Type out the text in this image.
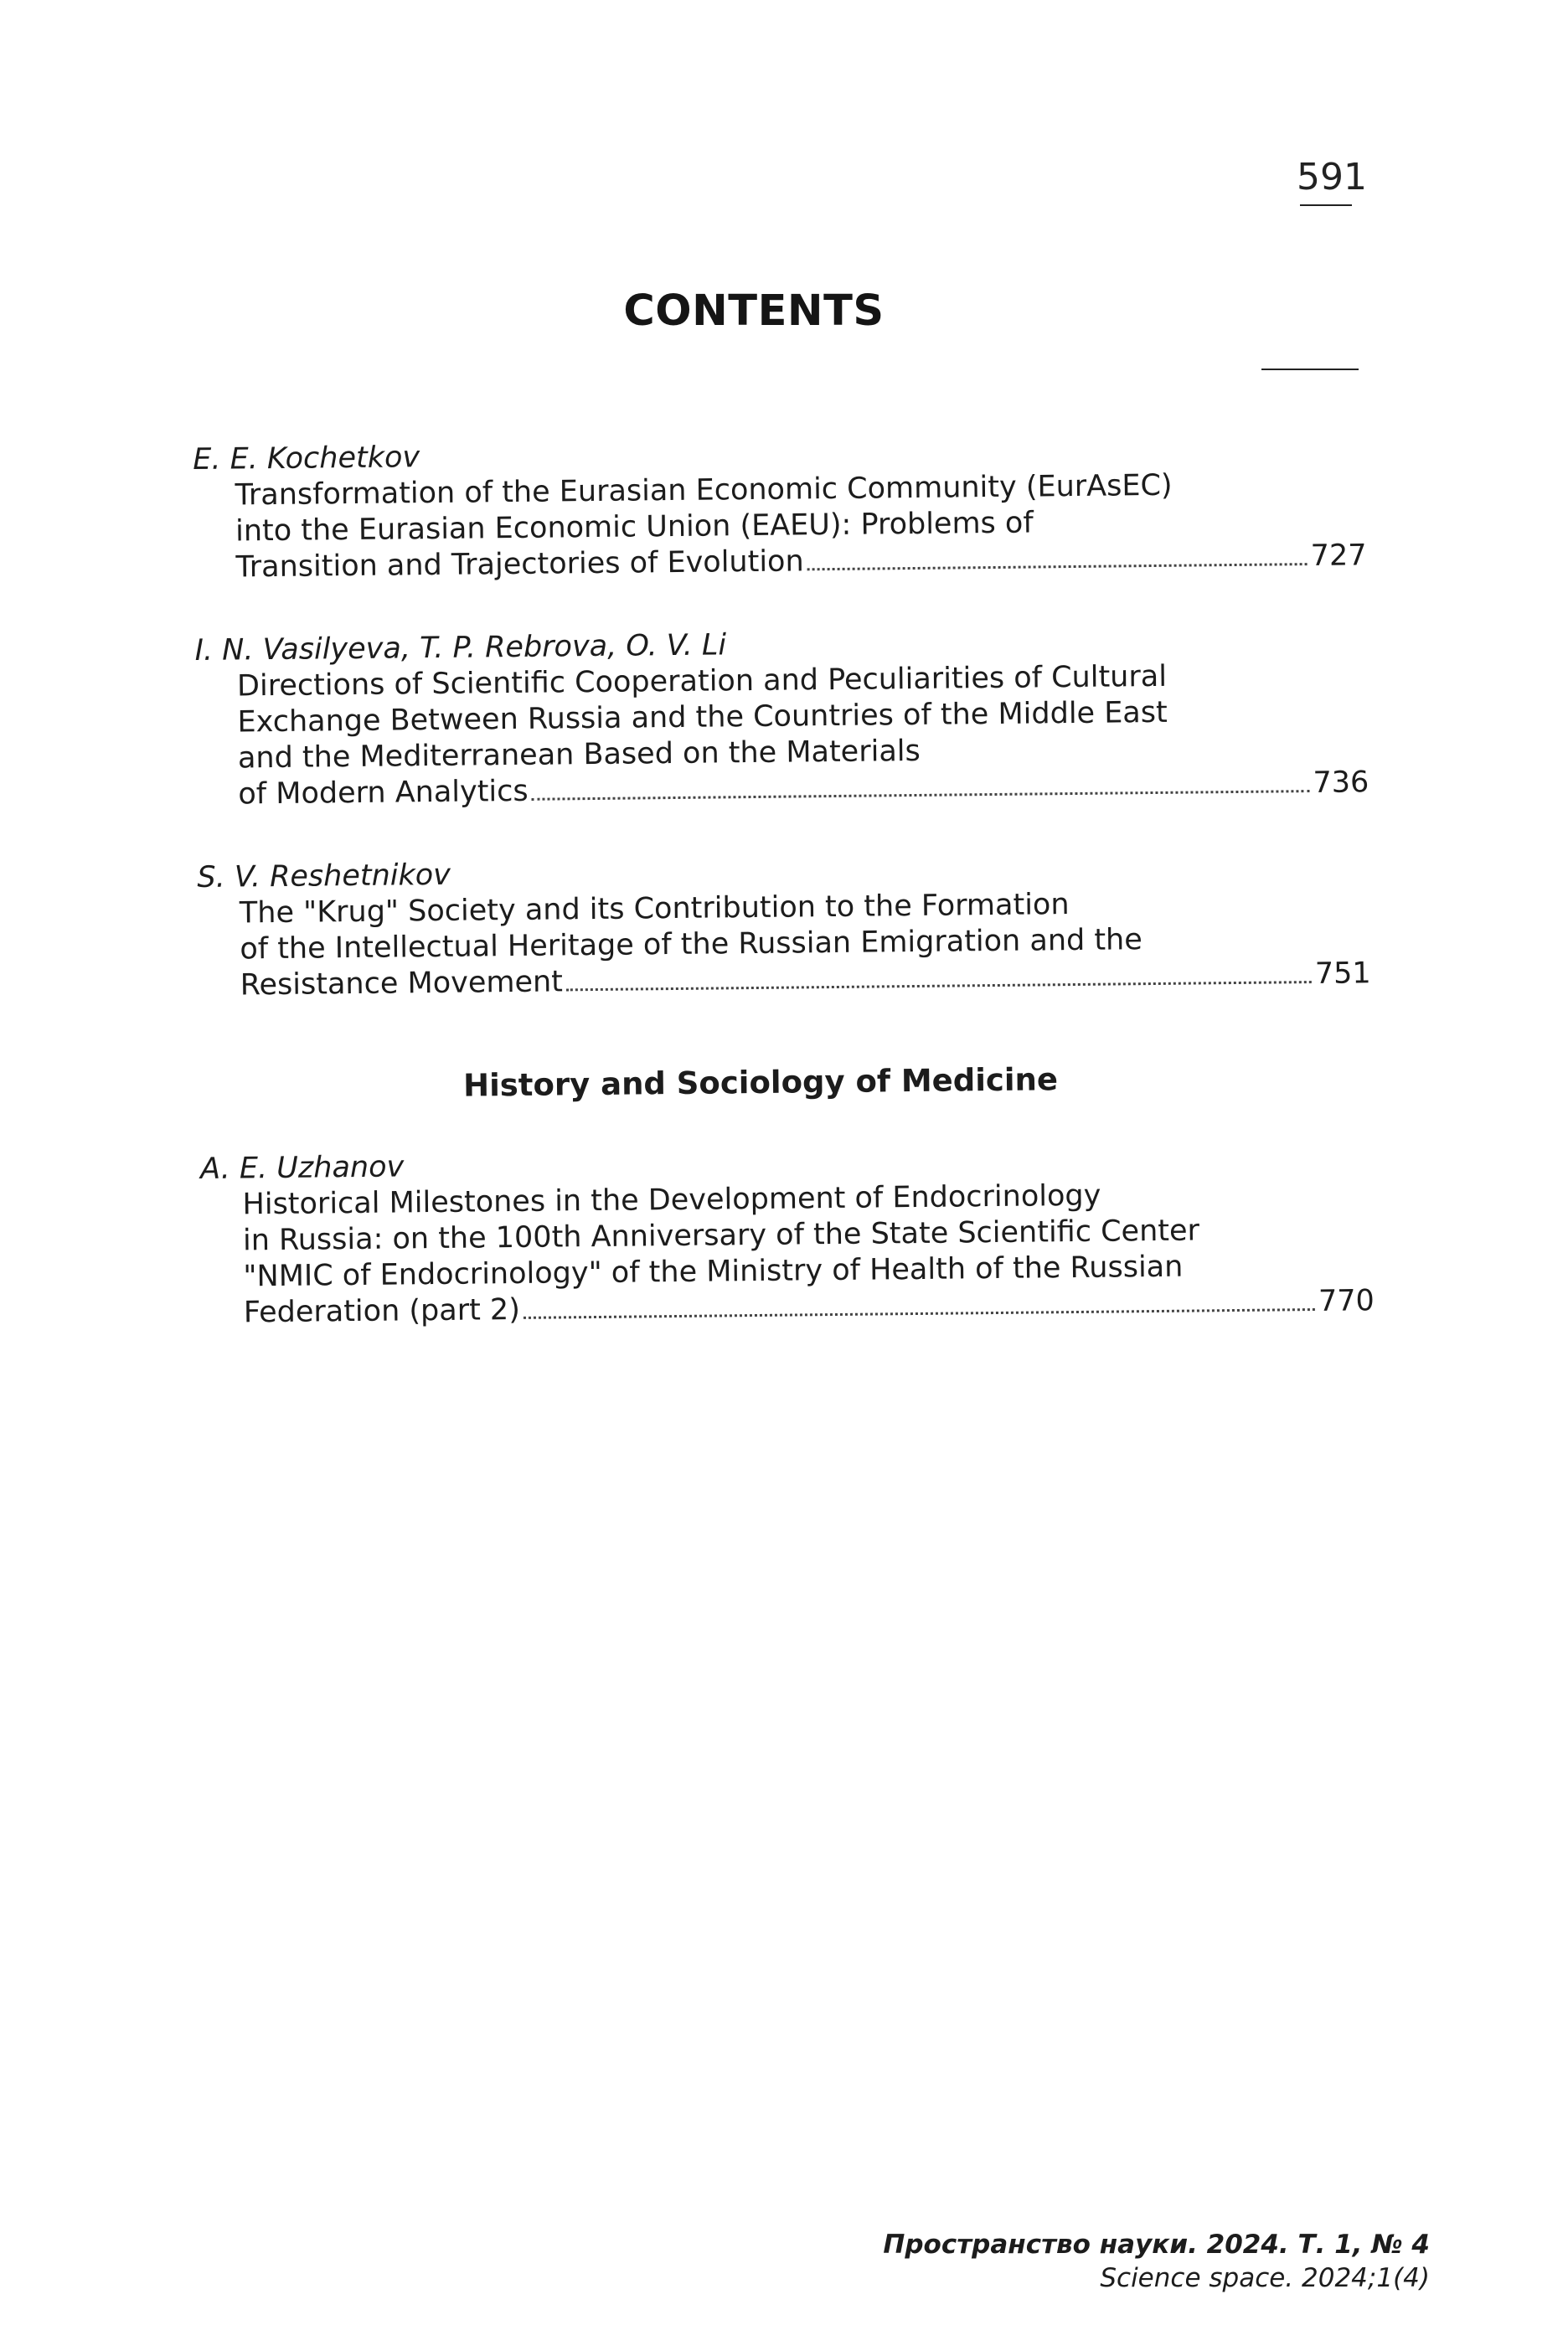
591
CONTENTS
E. E. Kochetkov
Transformation of the Eurasian Economic Community (EurAsEC)
into the Eurasian Economic Union (EAEU): Problems of
Transition and Trajectories of Evolution	727
I. N. Vasilyeva, T. P. Rebrova, O. V. Li
Directions of Scientific Cooperation and Peculiarities of Cultural
Exchange Between Russia and the Countries of the Middle East
and the Mediterranean Based on the Materials
of Modern Analytics	736
S. V. Reshetnikov
The "Krug" Society and its Contribution to the Formation
of the Intellectual Heritage of the Russian Emigration and the
Resistance Movement	751
History and Sociology of Medicine
A. E. Uzhanov
Historical Milestones in the Development of Endocrinology
in Russia: on the 100th Anniversary of the State Scientific Center
"NMIC of Endocrinology" of the Ministry of Health of the Russian
Federation (part 2)	770
Пространство науки. 2024. Т. 1, № 4
Science space. 2024;1(4)
